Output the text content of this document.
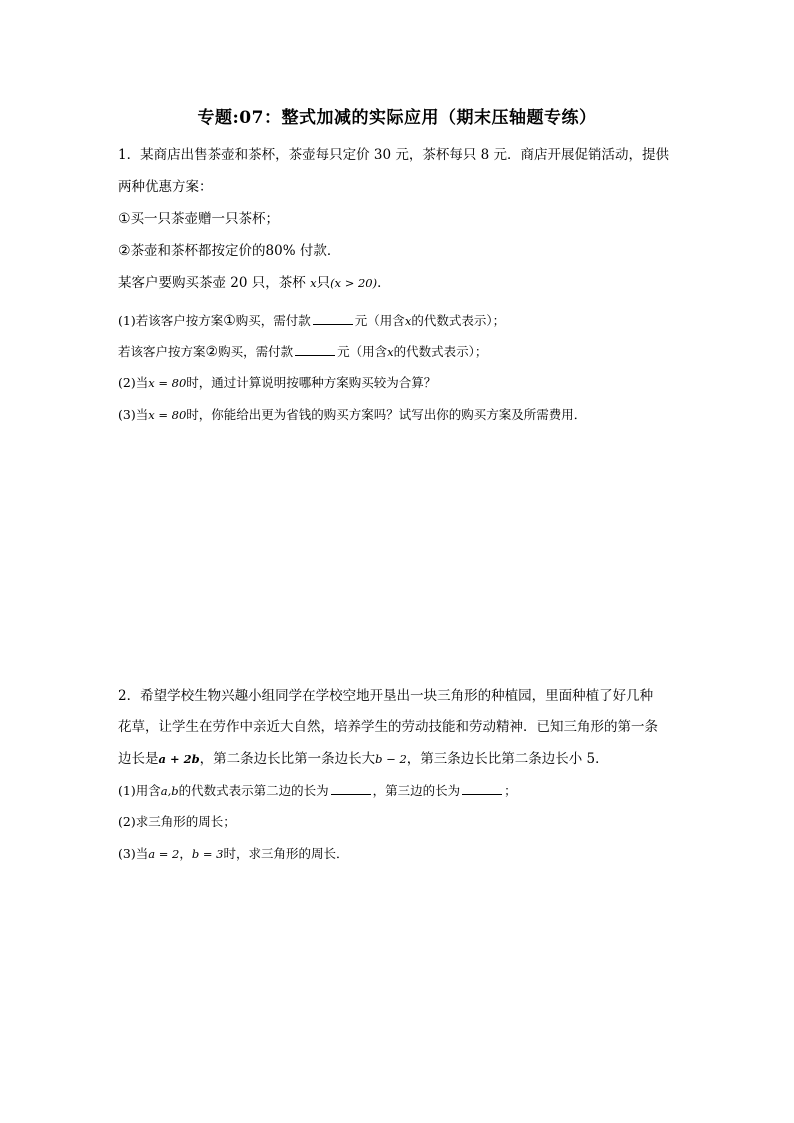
专题:07：整式加减的实际应用（期末压轴题专练）
1．某商店出售茶壶和茶杯，茶壶每只定价 30 元，茶杯每只 8 元．商店开展促销活动，提供
两种优惠方案：
①买一只茶壶赠一只茶杯；
②茶壶和茶杯都按定价的80% 付款．
某客户要购买茶壶 20 只，茶杯 x只(x > 20)．
(1)若该客户按方案①购买，需付款	元（用含x的代数式表示）；
若该客户按方案②购买，需付款	元（用含x的代数式表示）；
(2)当x = 80时，通过计算说明按哪种方案购买较为合算？
(3)当x = 80时，你能给出更为省钱的购买方案吗？试写出你的购买方案及所需费用．
2．希望学校生物兴趣小组同学在学校空地开垦出一块三角形的种植园，里面种植了好几种
花草，让学生在劳作中亲近大自然，培养学生的劳动技能和劳动精神．已知三角形的第一条
边长是a + 2b，第二条边长比第一条边长大b − 2，第三条边长比第二条边长小 5．
(1)用含a,b的代数式表示第二边的长为	，第三边的长为	；
(2)求三角形的周长；
(3)当a = 2，b = 3时，求三角形的周长．
